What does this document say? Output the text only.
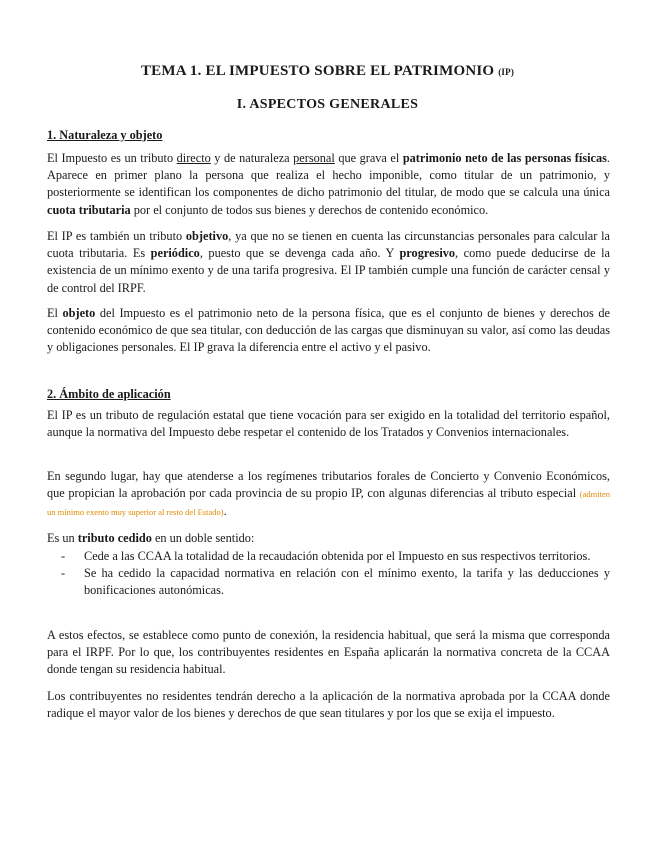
TEMA 1. EL IMPUESTO SOBRE EL PATRIMONIO (IP)
I. ASPECTOS GENERALES
1. Naturaleza y objeto

El Impuesto es un tributo directo y de naturaleza personal que grava el patrimonio neto de las personas físicas. Aparece en primer plano la persona que realiza el hecho imponible, como titular de un patrimonio, y posteriormente se identifican los componentes de dicho patrimonio del titular, de modo que se calcula una única cuota tributaria por el conjunto de todos sus bienes y derechos de contenido económico.

El IP es también un tributo objetivo, ya que no se tienen en cuenta las circunstancias personales para calcular la cuota tributaria. Es periódico, puesto que se devenga cada año. Y progresivo, como puede deducirse de la existencia de un mínimo exento y de una tarifa progresiva. El IP también cumple una función de carácter censal y de control del IRPF.

El objeto del Impuesto es el patrimonio neto de la persona física, que es el conjunto de bienes y derechos de contenido económico de que sea titular, con deducción de las cargas que disminuyan su valor, así como las deudas y obligaciones personales. El IP grava la diferencia entre el activo y el pasivo.

2. Ámbito de aplicación

El IP es un tributo de regulación estatal que tiene vocación para ser exigido en la totalidad del territorio español, aunque la normativa del Impuesto debe respetar el contenido de los Tratados y Convenios internacionales.

En segundo lugar, hay que atenderse a los regímenes tributarios forales de Concierto y Convenio Económicos, que propician la aprobación por cada provincia de su propio IP, con algunas diferencias al tributo especial (admiten un mínimo exento muy superior al resto del Estado).

Es un tributo cedido en un doble sentido:

- Cede a las CCAA la totalidad de la recaudación obtenida por el Impuesto en sus respectivos territorios.
- Se ha cedido la capacidad normativa en relación con el mínimo exento, la tarifa y las deducciones y bonificaciones autonómicas.

A estos efectos, se establece como punto de conexión, la residencia habitual, que será la misma que corresponda para el IRPF. Por lo que, los contribuyentes residentes en España aplicarán la normativa concreta de la CCAA donde tengan su residencia habitual.

Los contribuyentes no residentes tendrán derecho a la aplicación de la normativa aprobada por la CCAA donde radique el mayor valor de los bienes y derechos de que sean titulares y por los que se exija el impuesto.
